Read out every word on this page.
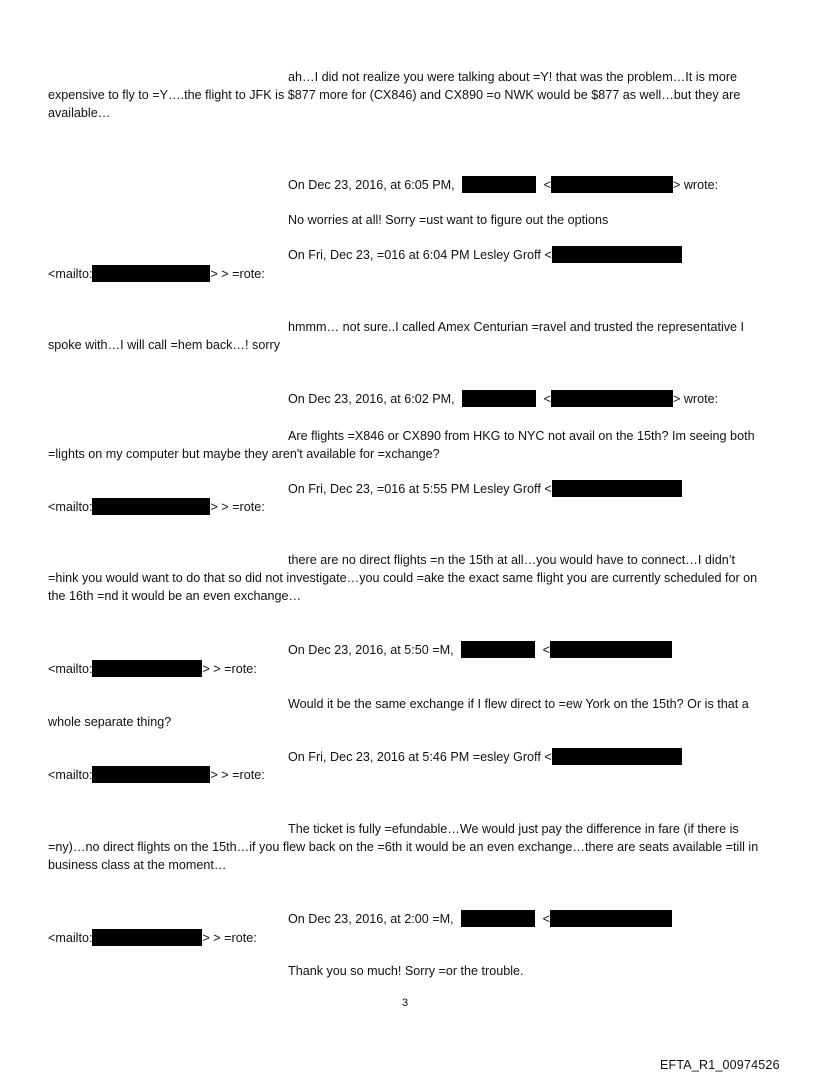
ah…I did not realize you were talking about =Y! that was the problem…It is more expensive to fly to =Y….the flight to JFK is $877 more for (CX846) and CX890 =o NWK would be $877 as well…but they are available…
On Dec 23, 2016, at 6:05 PM,	<	> wrote:
No worries at all! Sorry =ust want to figure out the options
On Fri, Dec 23, =016 at 6:04 PM Lesley Groff <
<mailto:	> > =rote:
hmmm… not sure..I called Amex Centurian =ravel and trusted the representative I spoke with…I will call =hem back…! sorry
On Dec 23, 2016, at 6:02 PM,	<	> wrote:
Are flights =X846 or CX890 from HKG to NYC not avail on the 15th? Im seeing both =lights on my computer but maybe they aren't available for =xchange?
On Fri, Dec 23, =016 at 5:55 PM Lesley Groff <
<mailto:	> > =rote:
there are no direct flights =n the 15th at all…you would have to connect…I didn’t =hink you would want to do that so did not investigate…you could =ake the exact same flight you are currently scheduled for on the 16th =nd it would be an even exchange…
On Dec 23, 2016, at 5:50 =M,	<
<mailto:	> > =rote:
Would it be the same exchange if I flew direct to =ew York on the 15th? Or is that a whole separate thing?
On Fri, Dec 23, 2016 at 5:46 PM =esley Groff <
<mailto:	> > =rote:
The ticket is fully =efundable…We would just pay the difference in fare (if there is =ny)…no direct flights on the 15th…if you flew back on the =6th it would be an even exchange…there are seats available =till in business class at the moment…
On Dec 23, 2016, at 2:00 =M,	<
<mailto:	> > =rote:
Thank you so much! Sorry =or the trouble.
3
EFTA_R1_00974526
